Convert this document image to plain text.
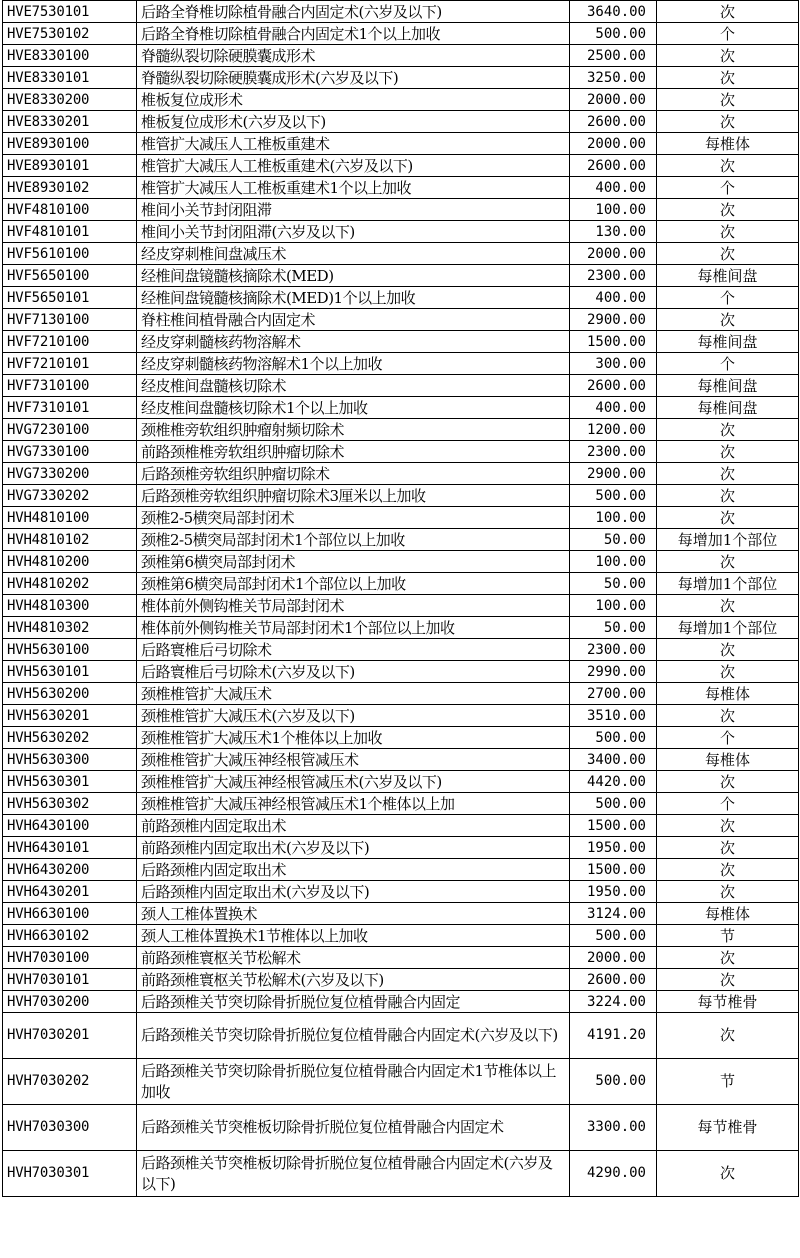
HVE7530101	后路全脊椎切除植骨融合内固定术(六岁及以下)	3640.00	次
HVE7530102	后路全脊椎切除植骨融合内固定术1个以上加收	500.00	个
HVE8330100	脊髓纵裂切除硬膜囊成形术	2500.00	次
HVE8330101	脊髓纵裂切除硬膜囊成形术(六岁及以下)	3250.00	次
HVE8330200	椎板复位成形术	2000.00	次
HVE8330201	椎板复位成形术(六岁及以下)	2600.00	次
HVE8930100	椎管扩大减压人工椎板重建术	2000.00	每椎体
HVE8930101	椎管扩大减压人工椎板重建术(六岁及以下)	2600.00	次
HVE8930102	椎管扩大减压人工椎板重建术1个以上加收	400.00	个
HVF4810100	椎间小关节封闭阻滞	100.00	次
HVF4810101	椎间小关节封闭阻滞(六岁及以下)	130.00	次
HVF5610100	经皮穿刺椎间盘减压术	2000.00	次
HVF5650100	经椎间盘镜髓核摘除术(MED)	2300.00	每椎间盘
HVF5650101	经椎间盘镜髓核摘除术(MED)1个以上加收	400.00	个
HVF7130100	脊柱椎间植骨融合内固定术	2900.00	次
HVF7210100	经皮穿刺髓核药物溶解术	1500.00	每椎间盘
HVF7210101	经皮穿刺髓核药物溶解术1个以上加收	300.00	个
HVF7310100	经皮椎间盘髓核切除术	2600.00	每椎间盘
HVF7310101	经皮椎间盘髓核切除术1个以上加收	400.00	每椎间盘
HVG7230100	颈椎椎旁软组织肿瘤射频切除术	1200.00	次
HVG7330100	前路颈椎椎旁软组织肿瘤切除术	2300.00	次
HVG7330200	后路颈椎旁软组织肿瘤切除术	2900.00	次
HVG7330202	后路颈椎旁软组织肿瘤切除术3厘米以上加收	500.00	次
HVH4810100	颈椎2-5横突局部封闭术	100.00	次
HVH4810102	颈椎2-5横突局部封闭术1个部位以上加收	50.00	每增加1个部位
HVH4810200	颈椎第6横突局部封闭术	100.00	次
HVH4810202	颈椎第6横突局部封闭术1个部位以上加收	50.00	每增加1个部位
HVH4810300	椎体前外侧钩椎关节局部封闭术	100.00	次
HVH4810302	椎体前外侧钩椎关节局部封闭术1个部位以上加收	50.00	每增加1个部位
HVH5630100	后路寰椎后弓切除术	2300.00	次
HVH5630101	后路寰椎后弓切除术(六岁及以下)	2990.00	次
HVH5630200	颈椎椎管扩大减压术	2700.00	每椎体
HVH5630201	颈椎椎管扩大减压术(六岁及以下)	3510.00	次
HVH5630202	颈椎椎管扩大减压术1个椎体以上加收	500.00	个
HVH5630300	颈椎椎管扩大减压神经根管减压术	3400.00	每椎体
HVH5630301	颈椎椎管扩大减压神经根管减压术(六岁及以下)	4420.00	次
HVH5630302	颈椎椎管扩大减压神经根管减压术1个椎体以上加	500.00	个
HVH6430100	前路颈椎内固定取出术	1500.00	次
HVH6430101	前路颈椎内固定取出术(六岁及以下)	1950.00	次
HVH6430200	后路颈椎内固定取出术	1500.00	次
HVH6430201	后路颈椎内固定取出术(六岁及以下)	1950.00	次
HVH6630100	颈人工椎体置换术	3124.00	每椎体
HVH6630102	颈人工椎体置换术1节椎体以上加收	500.00	节
HVH7030100	前路颈椎寰枢关节松解术	2000.00	次
HVH7030101	前路颈椎寰枢关节松解术(六岁及以下)	2600.00	次
HVH7030200	后路颈椎关节突切除骨折脱位复位植骨融合内固定	3224.00	每节椎骨
HVH7030201	后路颈椎关节突切除骨折脱位复位植骨融合内固定术(六岁及以下)	4191.20	次
HVH7030202	后路颈椎关节突切除骨折脱位复位植骨融合内固定术1节椎体以上加收	500.00	节
HVH7030300	后路颈椎关节突椎板切除骨折脱位复位植骨融合内固定术	3300.00	每节椎骨
HVH7030301	后路颈椎关节突椎板切除骨折脱位复位植骨融合内固定术(六岁及以下)	4290.00	次
